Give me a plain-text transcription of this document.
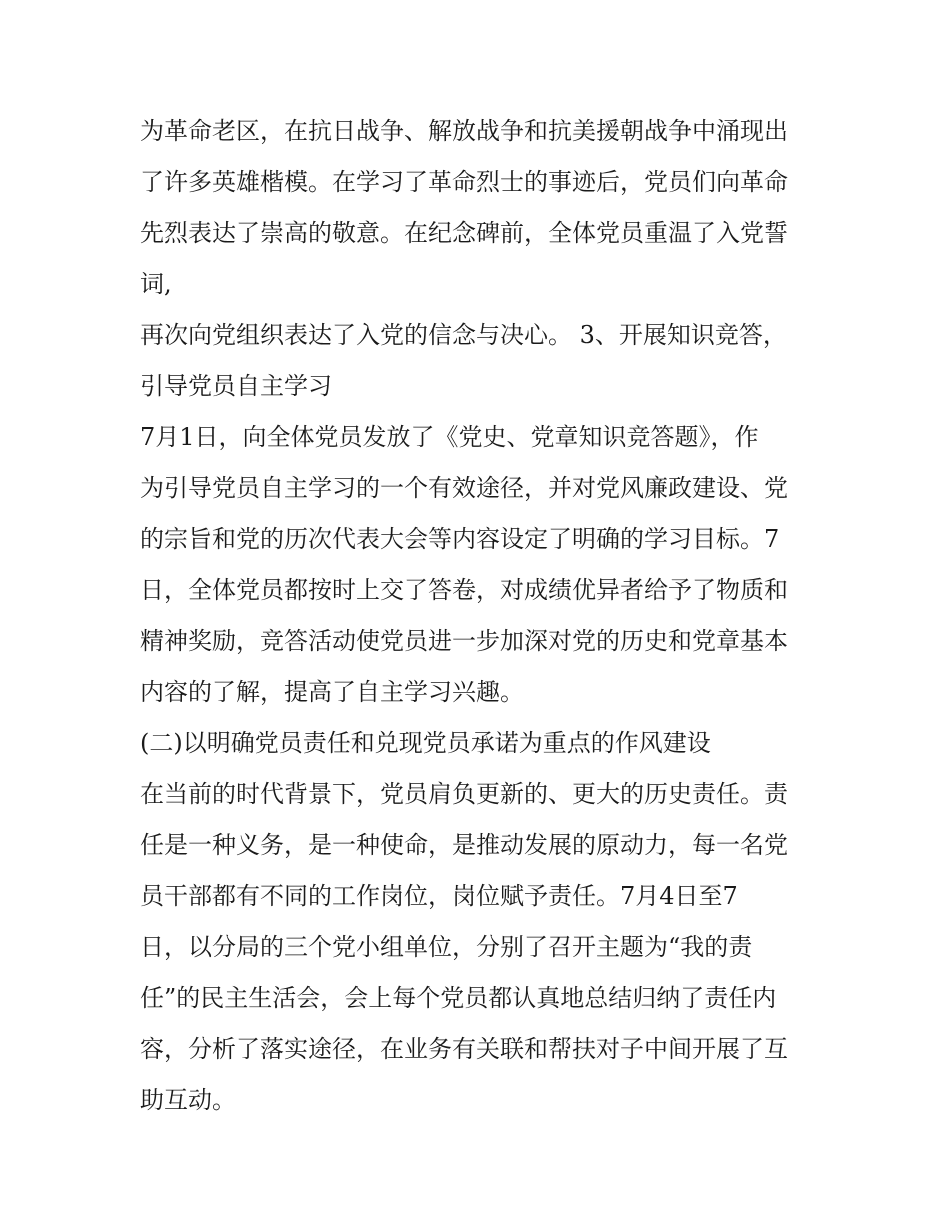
为革命老区，在抗日战争、解放战争和抗美援朝战争中涌现出
了许多英雄楷模。在学习了革命烈士的事迹后，党员们向革命
先烈表达了崇高的敬意。在纪念碑前，全体党员重温了入党誓
词,
再次向党组织表达了入党的信念与决心。 3、开展知识竞答，
引导党员自主学习
7月1日，向全体党员发放了《党史、党章知识竞答题》，作
为引导党员自主学习的一个有效途径，并对党风廉政建设、党
的宗旨和党的历次代表大会等内容设定了明确的学习目标。7
日，全体党员都按时上交了答卷，对成绩优异者给予了物质和
精神奖励，竞答活动使党员进一步加深对党的历史和党章基本
内容的了解，提高了自主学习兴趣。
(二)以明确党员责任和兑现党员承诺为重点的作风建设
在当前的时代背景下，党员肩负更新的、更大的历史责任。责
任是一种义务，是一种使命，是推动发展的原动力，每一名党
员干部都有不同的工作岗位，岗位赋予责任。7月4日至7
日，以分局的三个党小组单位，分别了召开主题为“我的责
任”的民主生活会，会上每个党员都认真地总结归纳了责任内
容，分析了落实途径，在业务有关联和帮扶对子中间开展了互
助互动。
